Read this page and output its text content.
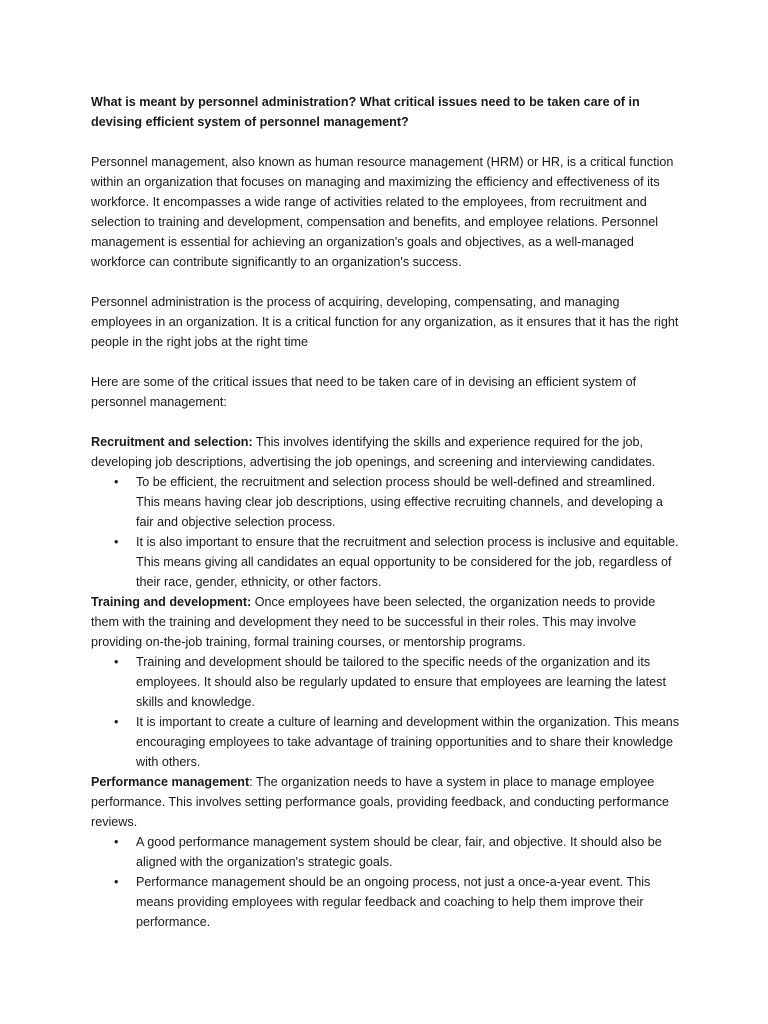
What is meant by personnel administration? What critical issues need to be taken care of in devising efficient system of personnel management?

Personnel management, also known as human resource management (HRM) or HR, is a critical function within an organization that focuses on managing and maximizing the efficiency and effectiveness of its workforce. It encompasses a wide range of activities related to the employees, from recruitment and selection to training and development, compensation and benefits, and employee relations. Personnel management is essential for achieving an organization's goals and objectives, as a well-managed workforce can contribute significantly to an organization's success.

Personnel administration is the process of acquiring, developing, compensating, and managing employees in an organization. It is a critical function for any organization, as it ensures that it has the right people in the right jobs at the right time

Here are some of the critical issues that need to be taken care of in devising an efficient system of personnel management:

Recruitment and selection: This involves identifying the skills and experience required for the job, developing job descriptions, advertising the job openings, and screening and interviewing candidates.

• To be efficient, the recruitment and selection process should be well-defined and streamlined. This means having clear job descriptions, using effective recruiting channels, and developing a fair and objective selection process.
• It is also important to ensure that the recruitment and selection process is inclusive and equitable. This means giving all candidates an equal opportunity to be considered for the job, regardless of their race, gender, ethnicity, or other factors.

Training and development: Once employees have been selected, the organization needs to provide them with the training and development they need to be successful in their roles. This may involve providing on-the-job training, formal training courses, or mentorship programs.

• Training and development should be tailored to the specific needs of the organization and its employees. It should also be regularly updated to ensure that employees are learning the latest skills and knowledge.
• It is important to create a culture of learning and development within the organization. This means encouraging employees to take advantage of training opportunities and to share their knowledge with others.

Performance management: The organization needs to have a system in place to manage employee performance. This involves setting performance goals, providing feedback, and conducting performance reviews.

• A good performance management system should be clear, fair, and objective. It should also be aligned with the organization's strategic goals.
• Performance management should be an ongoing process, not just a once-a-year event. This means providing employees with regular feedback and coaching to help them improve their performance.
